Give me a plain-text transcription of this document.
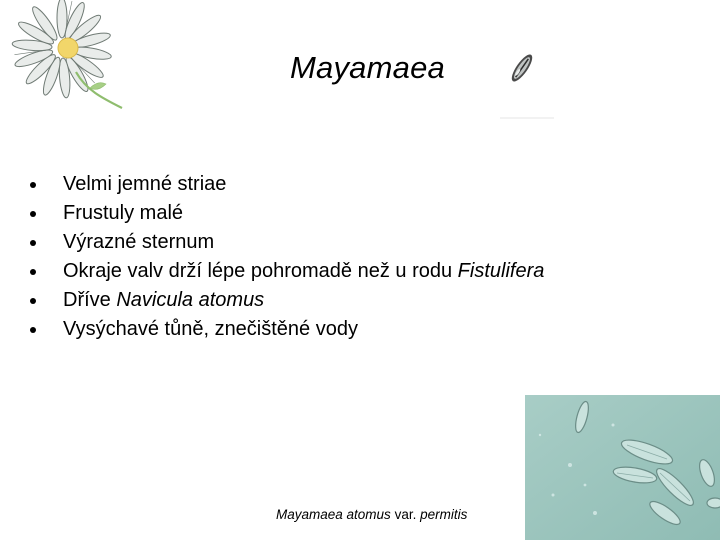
Mayamaea
Velmi jemné striae
Frustuly malé
Výrazné sternum
Okraje valv drží lépe pohromadě než u rodu Fistulifera
Dříve Navicula atomus
Vysýchavé tůně, znečištěné vody
Mayamaea atomus var. permitis
